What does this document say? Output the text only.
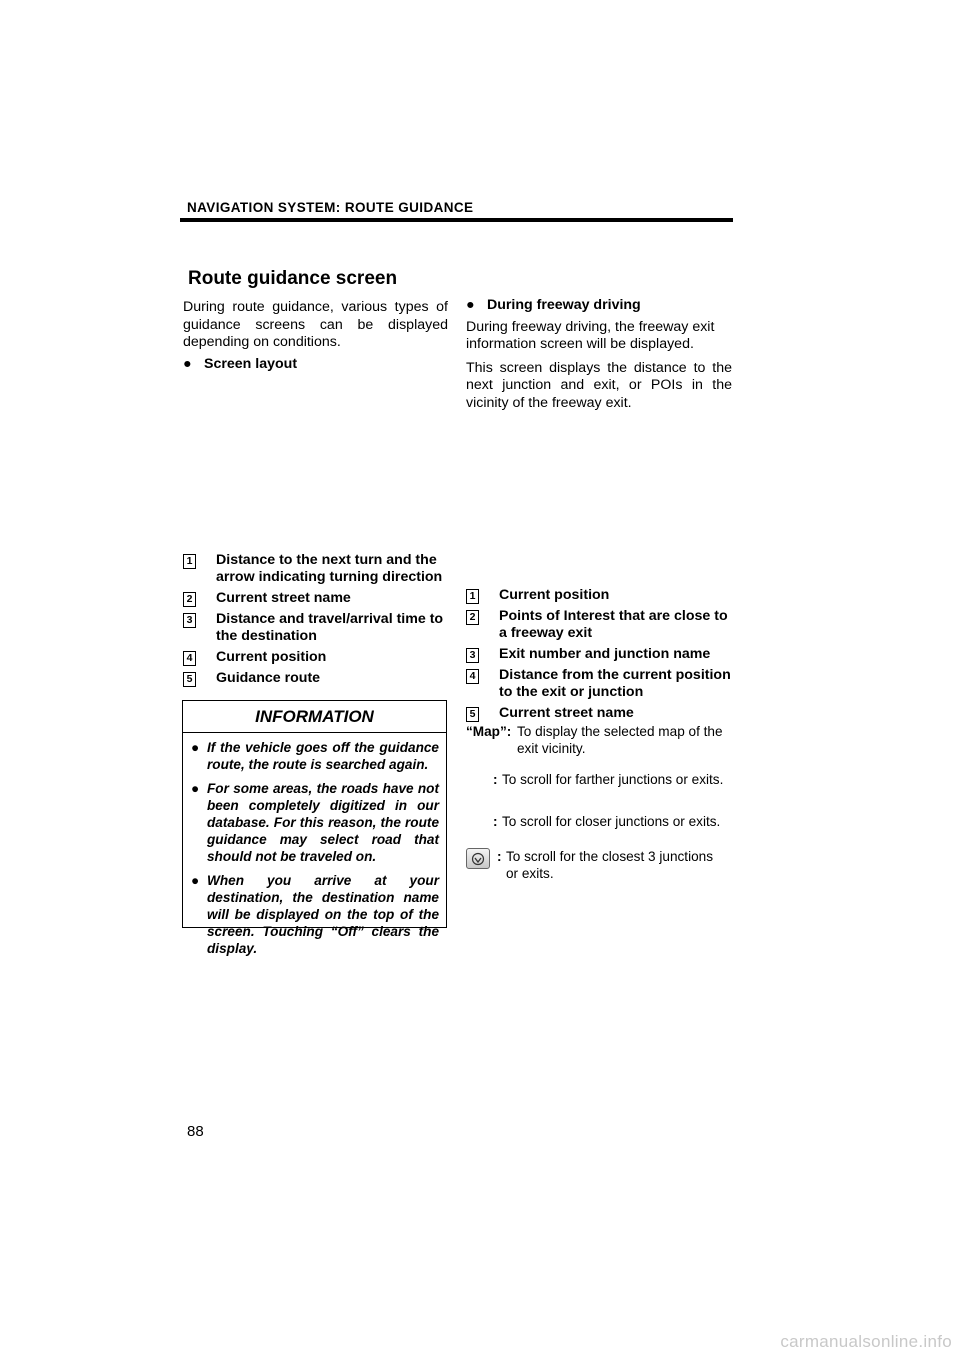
NAVIGATION SYSTEM: ROUTE GUIDANCE
Route guidance screen

During route guidance, various types of guidance screens can be displayed depending on conditions.

● Screen layout
1 Distance to the next turn and the arrow indicating turning direction
2 Current street name
3 Distance and travel/arrival time to the destination
4 Current position
5 Guidance route
INFORMATION
● If the vehicle goes off the guidance route, the route is searched again.
● For some areas, the roads have not been completely digitized in our database. For this reason, the route guidance may select road that should not be traveled on.
● When you arrive at your destination, the destination name will be displayed on the top of the screen. Touching “Off” clears the display.
● During freeway driving

During freeway driving, the freeway exit information screen will be displayed.

This screen displays the distance to the next junction and exit, or POIs in the vicinity of the freeway exit.

1 Current position
2 Points of Interest that are close to a freeway exit
3 Exit number and junction name
4 Distance from the current position to the exit or junction
5 Current street name
“Map”: To display the selected map of the exit vicinity.
: To scroll for farther junctions or exits.
: To scroll for closer junctions or exits.
: To scroll for the closest 3 junctions or exits.
88
carmanualsonline.info
